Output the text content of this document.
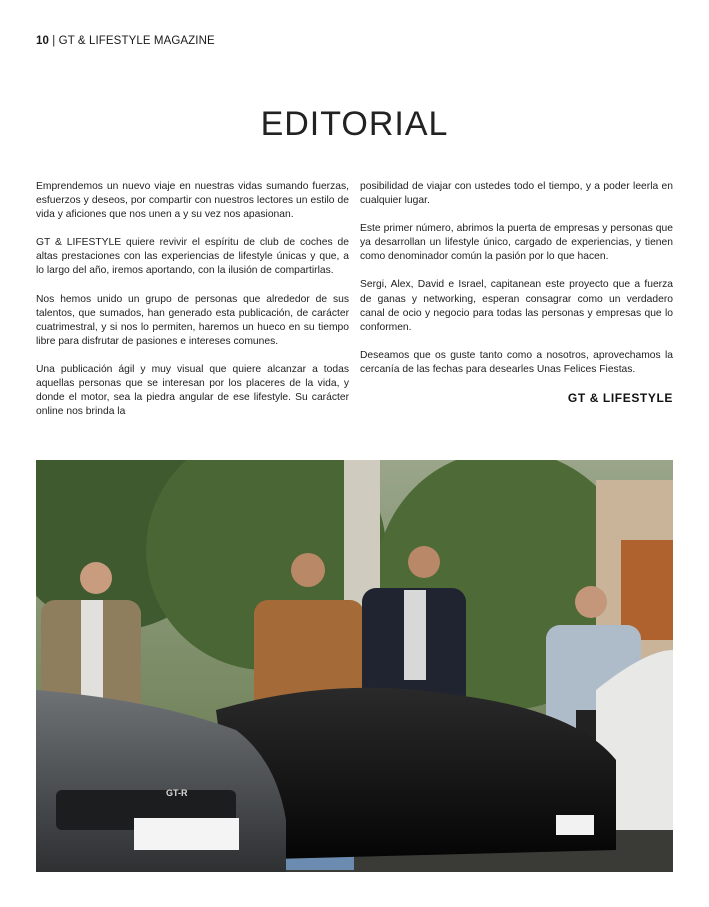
10 | GT & LIFESTYLE MAGAZINE
EDITORIAL

Emprendemos un nuevo viaje en nuestras vidas sumando fuerzas, esfuerzos y deseos, por compartir con nuestros lectores un estilo de vida y aficiones que nos unen a y su vez nos apasionan.

GT & LIFESTYLE quiere revivir el espíritu de club de coches de altas prestaciones con las experiencias de lifestyle únicas y que, a lo largo del año, iremos aportando, con la ilusión de compartirlas.

Nos hemos unido un grupo de personas que alrededor de sus talentos, que sumados, han generado esta publicación, de carácter cuatrimestral, y si nos lo permiten, haremos un hueco en su tiempo libre para disfrutar de pasiones e intereses comunes.

Una publicación ágil y muy visual que quiere alcanzar a todas aquellas personas que se interesan por los placeres de la vida, y donde el motor, sea la piedra angular de ese lifestyle. Su carácter online nos brinda la

posibilidad de viajar con ustedes todo el tiempo, y a poder leerla en cualquier lugar.

Este primer número, abrimos la puerta de empresas y personas que ya desarrollan un lifestyle único, cargado de experiencias, y tienen como denominador común la pasión por lo que hacen.

Sergi, Alex, David e Israel, capitanean este proyecto que a fuerza de ganas y networking, esperan consagrar como un verdadero canal de ocio y negocio para todas las personas y empresas que lo conformen.

Deseamos que os guste tanto como a nosotros, aprovechamos la cercanía de las fechas para desearles Unas Felices Fiestas.

GT & LIFESTYLE
GT-R
